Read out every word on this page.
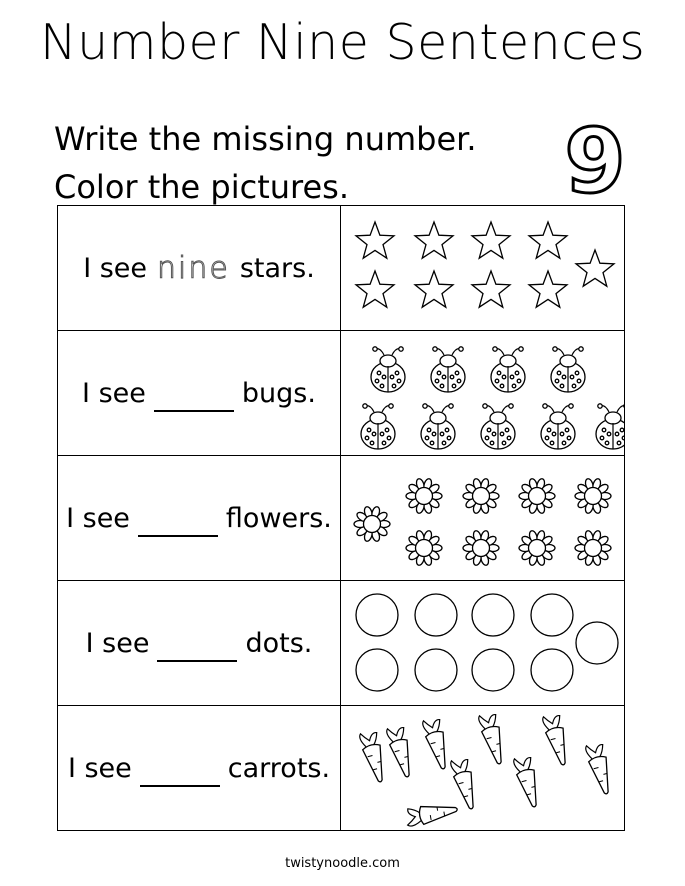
Number Nine Sentences
Write the missing number.
Color the pictures. 9
I see nine stars.
I see	bugs.
I see	flowers.
I see	dots.
I see	carrots.
twistynoodle.com
